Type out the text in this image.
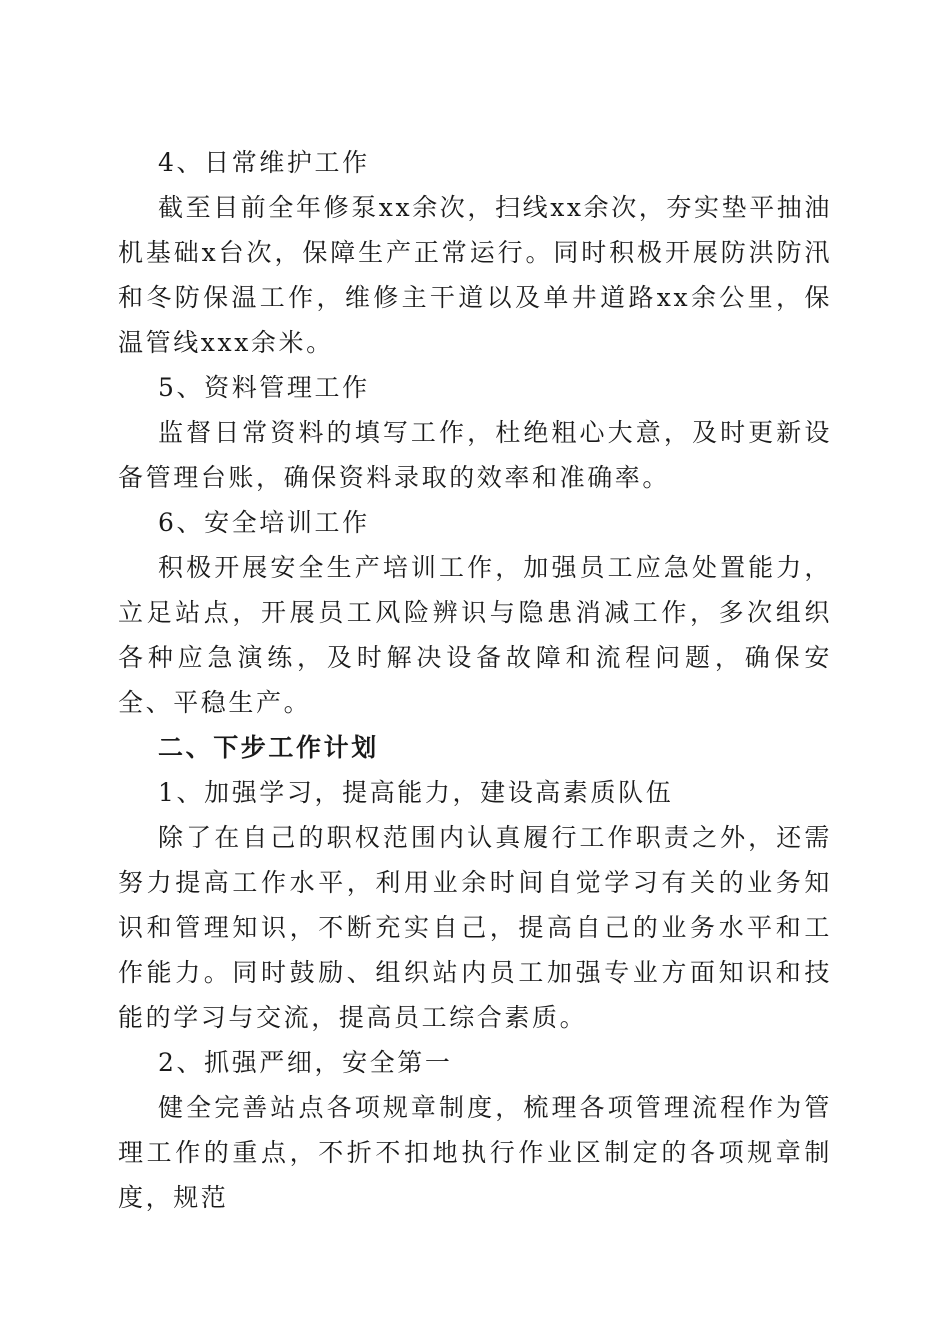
4、日常维护工作

截至目前全年修泵xx余次，扫线xx余次，夯实垫平抽油机基础x台次，保障生产正常运行。同时积极开展防洪防汛和冬防保温工作，维修主干道以及单井道路xx余公里，保温管线xxx余米。

5、资料管理工作

监督日常资料的填写工作，杜绝粗心大意，及时更新设备管理台账，确保资料录取的效率和准确率。

6、安全培训工作

积极开展安全生产培训工作，加强员工应急处置能力，立足站点，开展员工风险辨识与隐患消减工作，多次组织各种应急演练，及时解决设备故障和流程问题，确保安全、平稳生产。

二、下步工作计划

1、加强学习，提高能力，建设高素质队伍

除了在自己的职权范围内认真履行工作职责之外，还需努力提高工作水平，利用业余时间自觉学习有关的业务知识和管理知识，不断充实自己，提高自己的业务水平和工作能力。同时鼓励、组织站内员工加强专业方面知识和技能的学习与交流，提高员工综合素质。

2、抓强严细，安全第一

健全完善站点各项规章制度，梳理各项管理流程作为管理工作的重点，不折不扣地执行作业区制定的各项规章制度，规范
